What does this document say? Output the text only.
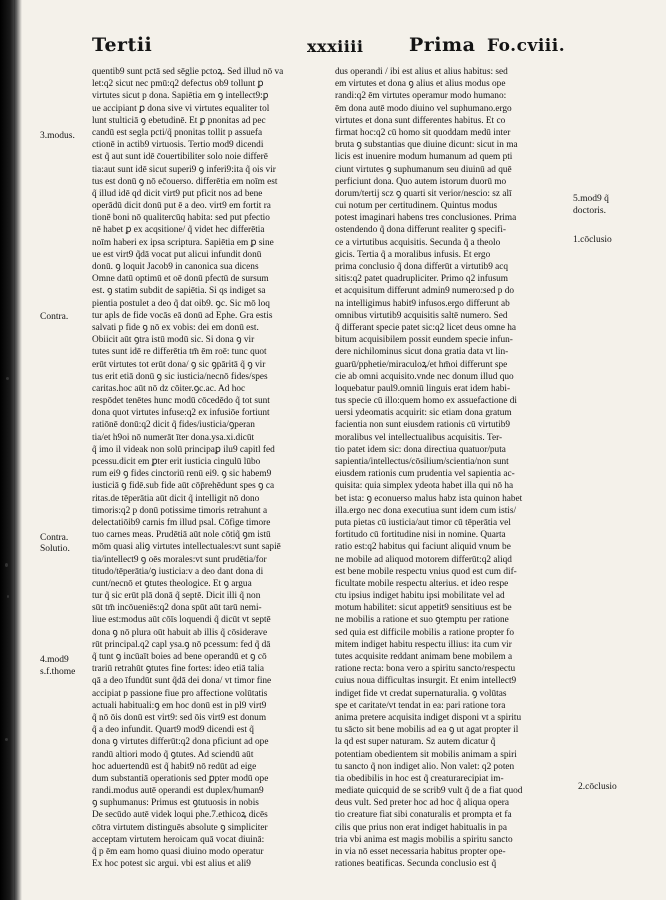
Tertii	xxxiiii Prima Fo.cviii.
quentib9 sunt pctā sed sēglie pctoꝝ. Sed illud nō va
let:q2 sicut nec pmū:q2 defectus ob9 tollunt ꝑ
virtutes sicut p dona. Sapiētia em ꝯ intellect9:ꝑ
ue accipiant ꝑ dona sive vi virtutes equaliter tol
lunt stulticiā ꝯ ebetudinē. Et ꝑ pnonitas ad pec
candū est segla pcti/q̃ pnonitas tollit p assuefa
ctionē in actib9 virtuosis. Tertio mod9 dicendi
est q̃ aut sunt idē c̄ouertibiliter solo noie differē
tia:aut sunt idē sicut superi9 ꝯ inferi9:ita q̃ ois vir
tus est donū ꝯ nō ec̄ouerso. differētia em noīm est
q̃ illud idē qd dicit virt9 put pficit nos ad bene
operādū dicit donū put ē a deo. virt9 em fortit ra
tionē boni nō qualitercūq habita: sed put pfectio
nē habet ꝑ ex acqsitione/ q̃ videt hec differētia
noīm haberi ex ipsa scriptura. Sapiētia em ꝑ sine
ue est virt9 q̃dā vocat put alicui infundit donū
donū. ꝯ loquit Jacob9 in canonica sua dicens
Omne datū optimū et oē donū pfectū de sursum
est. ꝯ statim subdit de sapiētia. Si qs indiget sa
pientia postulet a deo q̃ dat oib9. ꝯc. Sic mō loq
tur apls de fide vocās eā donū ad Ephe. Gra estis
salvati p fide ꝯ nō ex vobis: dei em donū est.
Obiicit aūt ꝯtra istū modū sic. Si dona ꝯ vir
tutes sunt idē re differētia tm̄ ēm roē: tunc quot
erūt virtutes tot erūt dona/ ꝯ sic ꝯpāritā q̃ ꝯ vir
tus erit etiā donū ꝯ sic iusticia/necnō fides/spes
caritas.hoc aūt nō dz cōiter.ꝯc.ac. Ad hoc
respōdet tenētes hunc modū cōcedēdo q̃ tot sunt
dona quot virtutes infuse:q2 ex infusiōe fortiunt
ratiōnē donū:q2 dicit q̃ fides/iusticia/ꝯperan
tia/et h9oi nō numerāt īter dona.ysa.xi.dicūt
q̃ imo il videak non solū principaꝑ ilu9 capitl fed
pcessu.dicit em ꝑter erit iusticia cingulū lūbo
rum ei9 ꝯ fides cinctoriū renū ei9. ꝯ sic habem9
iusticiā ꝯ fidē.sub fide aūt cōp̄rehēdunt spes ꝯ ca
ritas.de tēperātia aūt dicit q̃ intelligit nō dono
timoris:q2 p donū potissime timoris retrahunt a
delectatiōib9 carnis fm illud psal. Cōfige timore
tuo carnes meas. Prudētiā aūt nole cōtiq̃ ꝯm istū
mōm quasi aliꝯ virtutes intellectuales:vt sunt sapiē
tia/intellect9 ꝯ oēs morales:vt sunt prudētia/for
titudo/tēperātia/ꝯ iusticia:v a deo dant dona di
cunt/necnō et ꝯtutes theologice. Et ꝯ argua
tur q̃ sic erūt plā donā q̃ septē. Dicit illi q̃ non
sūt tm̄ incōueniēs:q2 dona spūt aūt tarū nemi-
liue est:modus aūt cōīs loquendi q̃ dicūt vt septē
dona ꝯ nō plura oūt habuit ab illis q̃ cōsiderave
rūt principal.q2 capl ysa.ꝯ nō pcessum: fed q̃ dā
q̃ tunt ꝯ incūaīt boies ad bene operandū et ꝯ cō
trariū retrahūt ꝯtutes fine fortes: ideo etiā talia
qā a deo īfundūt sunt q̃dā dei dona/ vt timor fine
accipiat p passione fiue pro affectione volūtatis
actuali habituali:ꝯ em hoc donū est in pl9 virt9
q̃ nō ōis donū est virt9: sed ōis virt9 est donum
q̃ a deo infundit. Quart9 mod9 dicendi est q̃
dona ꝯ virtutes differūt:q2 dona pficiunt ad ope
randū altiori modo q̃ ꝯtutes. Ad sciendū aūt
hoc aduertendū est q̃ habit9 nō redūt ad eige
dum substantiā operationis sed ꝑpter modū ope
randi.modus autē operandi est duplex/human9
ꝯ suphumanus: Primus est ꝯtutuosis in nobis
De secūdo autē videk loqui phe.7.ethicoꝝ dicēs
cōtra virtutem distinguēs absolute ꝯ simpliciter
acceptam virtutem heroicam quā vocat diuinā:
q̃ p ēm eam homo quasi diuino modo operatur
Ex hoc potest sic argui. vbi est alius et ali9
dus operandi / ibi est alius et alius habitus: sed
em virtutes et dona ꝯ alius et alius modus ope
randi:q2 ēm virtutes operamur modo humano:
ēm dona autē modo diuino vel suphumano.ergo
virtutes et dona sunt differentes habitus. Et co
firmat hoc:q2 cū homo sit quoddam medū inter
bruta ꝯ substantias que diuine dicunt: sicut in ma
licis est inuenire modum humanum ad quem pti
ciunt virtutes ꝯ suphumanum seu diuinū ad quē
perficiunt dona. Quo autem istorum duorū mo
dorum/tertij scz ꝯ quarti sit verior/nescio: sz alī
cui notum per certitudinem. Quintus modus
potest imaginari habens tres conclusiones. Prima
ostendendo q̃ dona differunt realiter ꝯ specifi-
ce a virtutibus acquisitis. Secunda q̃ a theolo
gicis. Tertia q̃ a moralibus infusis. Et ergo
prima conclusio q̃ dona differūt a virtutib9 acq
sitis:q2 patet quadrupliciter. Primo q2 infusum
et acquisitum differunt admin9 numero:sed p do
na intelligimus habit9 infusos.ergo differunt ab
omnibus virtutib9 acquisitis saltē numero. Sed
q̃ differant specie patet sic:q2 licet deus omne ha
bitum acquisibilem possit eundem specie infun-
dere nichilominus sicut dona gratia data vt lin-
guarū/pphetie/miraculoꝝ/et hm̄oi differunt spe
cie ab omni acquisito.vnde nec donum illud quo
loquebatur paul9.omniū linguis erat idem habi-
tus specie cū illo:quem homo ex assuefactione di
uersi ydeomatis acquirit: sic etiam dona gratum
facientia non sunt eiusdem rationis cū virtutib9
moralibus vel intellectualibus acquisitis. Ter-
tio patet idem sic: dona directiua quatuor/puta
sapientia/intellectus/cōsilium/scientia/non sunt
eiusdem rationis cum prudentia vel sapientia ac-
quisita: quia simplex ydeota habet illa qui nō ha
bet ista: ꝯ econuerso malus habz ista quinon habet
illa.ergo nec dona executiua sunt idem cum istis/
puta pietas cū iusticia/aut timor cū tēperātia vel
fortitudo cū fortitudine nisi in nomine. Quarta
ratio est:q2 habitus qui faciunt aliquid vnum be
ne mobile ad aliquod motorem differūt:q2 aliqd
est bene mobile respectu vnius quod est cum dif-
ficultate mobile respectu alterius. et ideo respe
ctu ipsius indiget habitu ipsi mobilitate vel ad
motum habilitet: sicut appetit9 sensitiuus est be
ne mobilis a ratione et suo ꝯtemptu per ratione
sed quia est difficile mobilis a ratione propter fo
mitem indiget habitu respectu illius: ita cum vir
tutes acquisite reddant animam bene mobilem a
ratione recta: bona vero a spiritu sancto/respectu
cuius noua difficultas insurgit. Et enim intellect9
indiget fide vt credat supernaturalia. ꝯ volūtas
spe et caritate/vt tendat in ea: pari ratione tora
anima pretere acquisita indiget disponi vt a spiritu
tu sācto sit bene mobilis ad ea ꝯ ut agat propter il
la qd est super naturam. Sz autem dicatur q̃
potentiam obedientem sit mobilis animam a spiri
tu sancto q̃ non indiget alio. Non valet: q2 poten
tia obedibilis in hoc est q̃ creaturarecipiat im-
mediate quicquid de se scrib9 vult q̃ de a fiat quod
deus vult. Sed preter hoc ad hoc q̃ aliqua opera
tio creature fiat sibi conaturalis et prompta et fa
cilis que prius non erat indiget habitualis in pa
tria vbi anima est magis mobilis a spiritu sancto
in via nō esset necessaria habitus propter ope-
rationes beatificas. Secunda conclusio est q̃
3.modus.
Contra.
Contra.
Solutio.
4.mod9
s.f.thome
5.mod9 q̃
doctoris.
1.cōclusio
2.cōclusio
